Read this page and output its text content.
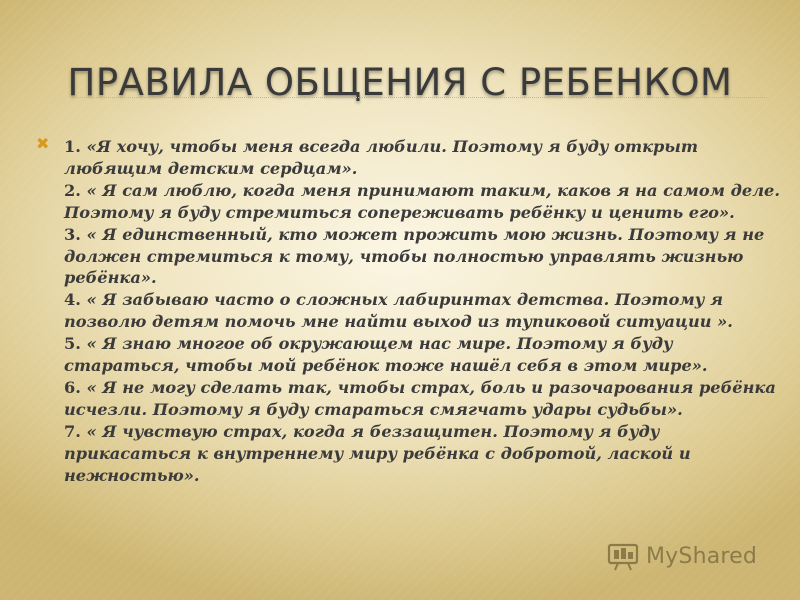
ПРАВИЛА ОБЩЕНИЯ С РЕБЕНКОМ
✖ 1. «Я хочу, чтобы меня всегда любили. Поэтому я буду открыт любящим детским сердцам».
2. « Я сам люблю, когда меня принимают таким, каков я на самом деле. Поэтому я буду стремиться сопереживать ребёнку и ценить его».
3. « Я единственный, кто может прожить мою жизнь. Поэтому я не должен стремиться к тому, чтобы полностью управлять жизнью ребёнка».
4. « Я забываю часто о сложных лабиринтах детства. Поэтому я позволю детям помочь мне найти выход из тупиковой ситуации ».
5. « Я знаю многое об окружающем нас мире. Поэтому я буду стараться, чтобы мой ребёнок тоже нашёл себя в этом мире».
6. « Я не могу сделать так, чтобы страх, боль и разочарования ребёнка исчезли. Поэтому я буду стараться смягчать удары судьбы».
7. « Я чувствую страх, когда я беззащитен. Поэтому я буду прикасаться к внутреннему миру ребёнка с добротой, лаской и нежностью».
MyShared
